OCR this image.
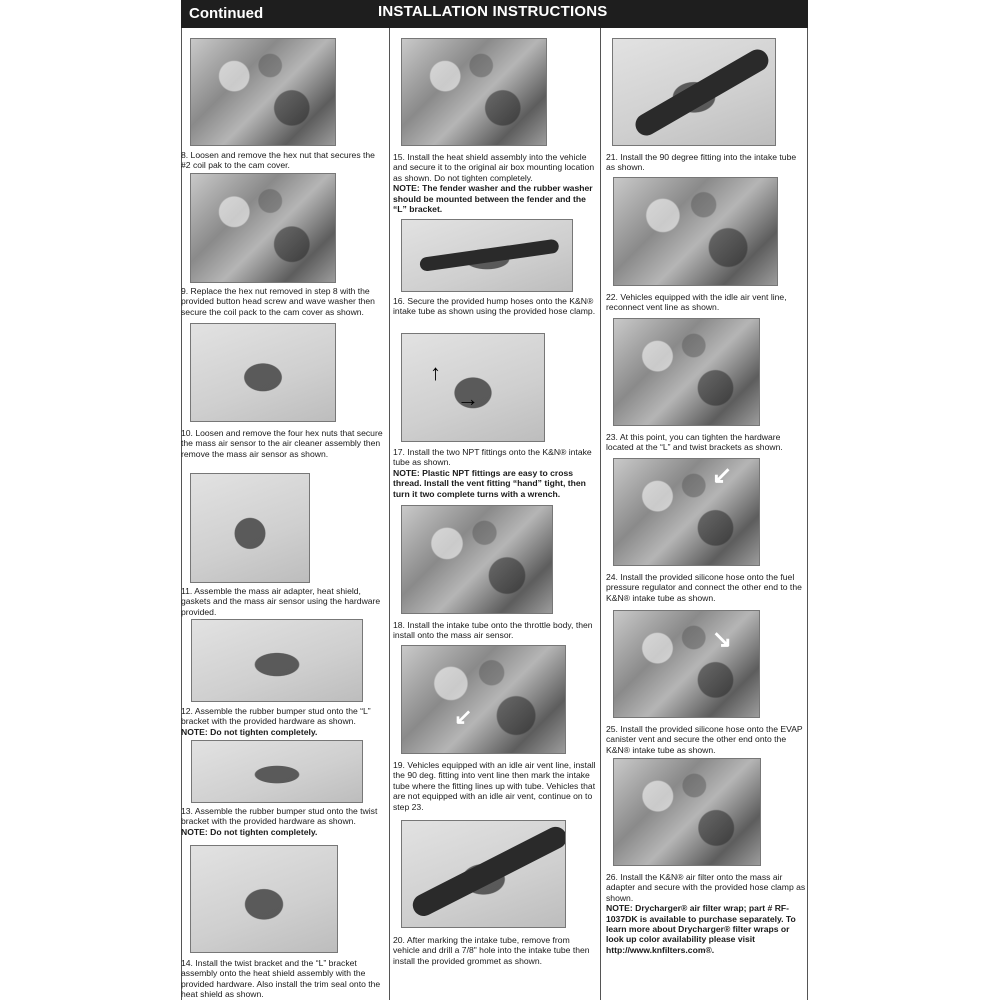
Continued	INSTALLATION INSTRUCTIONS
8. Loosen and remove the hex nut that secures the #2 coil pak to the cam cover.
9. Replace the hex nut removed in step 8 with the provided button head screw and wave washer then secure the coil pack to the cam cover as shown.
10. Loosen and remove the four hex nuts that secure the mass air sensor to the air cleaner assembly then remove the mass air sensor as shown.
11. Assemble the mass air adapter, heat shield, gaskets and the mass air sensor using the hardware provided.
12. Assemble the rubber bumper stud onto the “L” bracket with the provided hardware as shown.
NOTE: Do not tighten completely.
13. Assemble the rubber bumper stud onto the twist bracket with the provided hardware as shown.
NOTE: Do not tighten completely.
14. Install the twist bracket and the “L” bracket assembly onto the heat shield assembly with the provided hardware. Also install the trim seal onto the heat shield as shown.
15. Install the heat shield assembly into the vehicle and secure it to the original air box mounting location as shown. Do not tighten completely.
NOTE: The fender washer and the rubber washer should be mounted between the fender and the “L” bracket.
16. Secure the provided hump hoses onto the K&N® intake tube as shown using the provided hose clamp.
↑
→
17. Install the two NPT fittings onto the K&N® intake tube as shown.
NOTE: Plastic NPT fittings are easy to cross thread. Install the vent fitting “hand” tight, then turn it two complete turns with a wrench.
18. Install the intake tube onto the throttle body, then install onto the mass air sensor.
↙
19. Vehicles equipped with an idle air vent line, install the 90 deg. fitting into vent line then mark the intake tube where the fitting lines up with tube. Vehicles that are not equipped with an idle air vent, continue on to step 23.
20. After marking the intake tube, remove from vehicle and drill a 7/8" hole into the intake tube then install the provided grommet as shown.
21. Install the 90 degree fitting into the intake tube as shown.
22. Vehicles equipped with the idle air vent line, reconnect vent line as shown.
23. At this point, you can tighten the hardware located at the “L” and twist brackets as shown.
↙
24. Install the provided silicone hose onto the fuel pressure regulator and connect the other end to the K&N® intake tube as shown.
↙
25. Install the provided silicone hose onto the EVAP canister vent and secure the other end onto the K&N® intake tube as shown.
26. Install the K&N® air filter onto the mass air adapter and secure with the provided hose clamp as shown.
NOTE: Drycharger® air filter wrap; part # RF-1037DK is available to purchase separately. To learn more about Drycharger® filter wraps or look up color availability please visit http://www.knfilters.com®.
